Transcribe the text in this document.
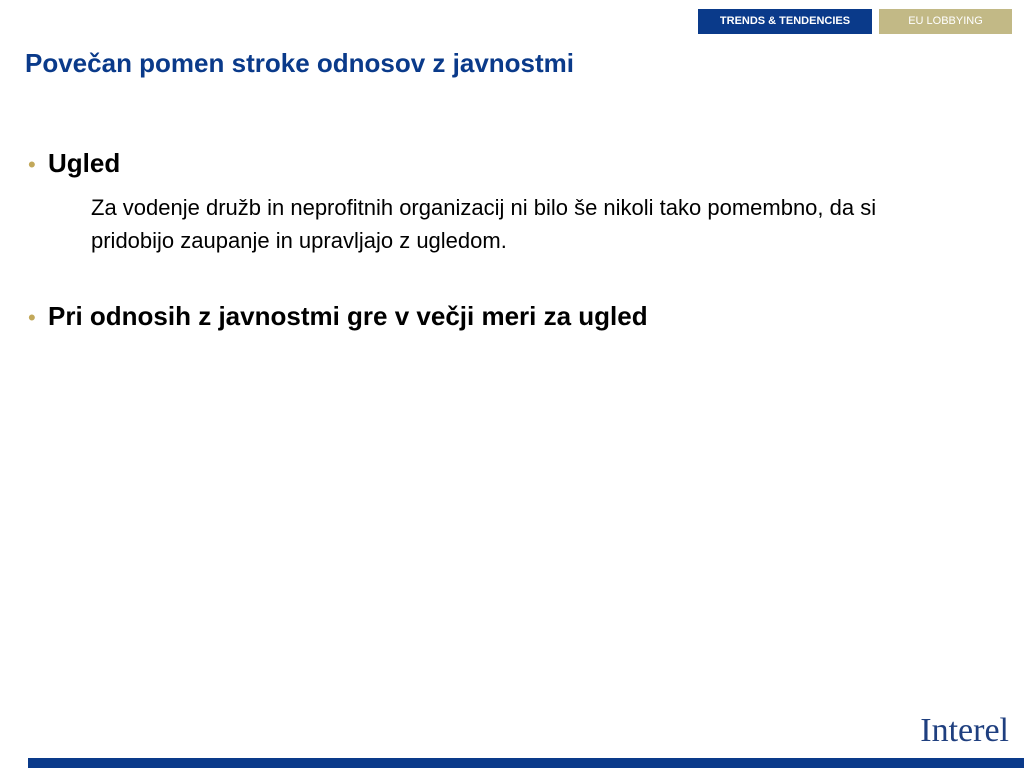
TRENDS & TENDENCIES	EU LOBBYING
Povečan pomen stroke odnosov z javnostmi
• Ugled
Za vodenje družb in neprofitnih organizacij ni bilo še nikoli tako pomembno, da si pridobijo zaupanje in upravljajo z ugledom.
• Pri odnosih z javnostmi gre v večji meri za ugled
Interel
